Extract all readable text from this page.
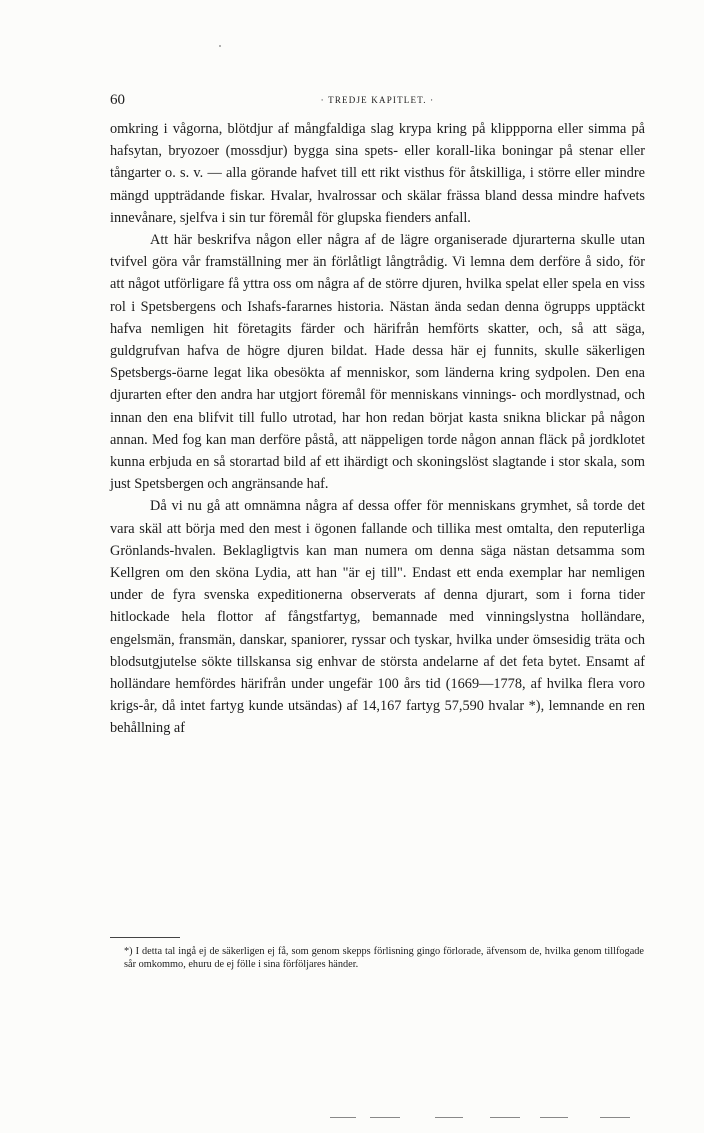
60	· TREDJE KAPITLET. ·

omkring i vågorna, blötdjur af mångfaldiga slag krypa kring på klippporna eller simma på hafsytan, bryozoer (mossdjur) bygga sina spets- eller korall-lika boningar på stenar eller tångarter o. s. v. — alla görande hafvet till ett rikt visthus för åtskilliga, i större eller mindre mängd uppträdande fiskar. Hvalar, hvalrossar och skälar frässa bland dessa mindre hafvets innevånare, sjelfva i sin tur föremål för glupska fienders anfall.

Att här beskrifva någon eller några af de lägre organiserade djurarterna skulle utan tvifvel göra vår framställning mer än förlåtligt långtrådig. Vi lemna dem derföre å sido, för att något utförligare få yttra oss om några af de större djuren, hvilka spelat eller spela en viss rol i Spetsbergens och Ishafs-fararnes historia. Nästan ända sedan denna ögrupps upptäckt hafva nemligen hit företagits färder och härifrån hemförts skatter, och, så att säga, guldgrufvan hafva de högre djuren bildat. Hade dessa här ej funnits, skulle säkerligen Spetsbergs-öarne legat lika obesökta af menniskor, som länderna kring sydpolen. Den ena djurarten efter den andra har utgjort föremål för menniskans vinnings- och mordlystnad, och innan den ena blifvit till fullo utrotad, har hon redan börjat kasta snikna blickar på någon annan. Med fog kan man derföre påstå, att näppeligen torde någon annan fläck på jordklotet kunna erbjuda en så storartad bild af ett ihärdigt och skoningslöst slagtande i stor skala, som just Spetsbergen och angränsande haf.

Då vi nu gå att omnämna några af dessa offer för menniskans grymhet, så torde det vara skäl att börja med den mest i ögonen fallande och tillika mest omtalta, den reputerliga Grönlands-hvalen. Beklagligtvis kan man numera om denna säga nästan detsamma som Kellgren om den sköna Lydia, att han "är ej till". Endast ett enda exemplar har nemligen under de fyra svenska expeditionerna observerats af denna djurart, som i forna tider hitlockade hela flottor af fångstfartyg, bemannade med vinningslystna holländare, engelsmän, fransmän, danskar, spaniorer, ryssar och tyskar, hvilka under ömsesidig träta och blodsutgjutelse sökte tillskansa sig enhvar de största andelarne af det feta bytet. Ensamt af holländare hemfördes härifrån under ungefär 100 års tid (1669—1778, af hvilka flera voro krigs-år, då intet fartyg kunde utsändas) af 14,167 fartyg 57,590 hvalar *), lemnande en ren behållning af

*) I detta tal ingå ej de säkerligen ej få, som genom skepps förlisning gingo förlorade, äfvensom de, hvilka genom tillfogade sår omkommo, ehuru de ej fölle i sina förföljares händer.
